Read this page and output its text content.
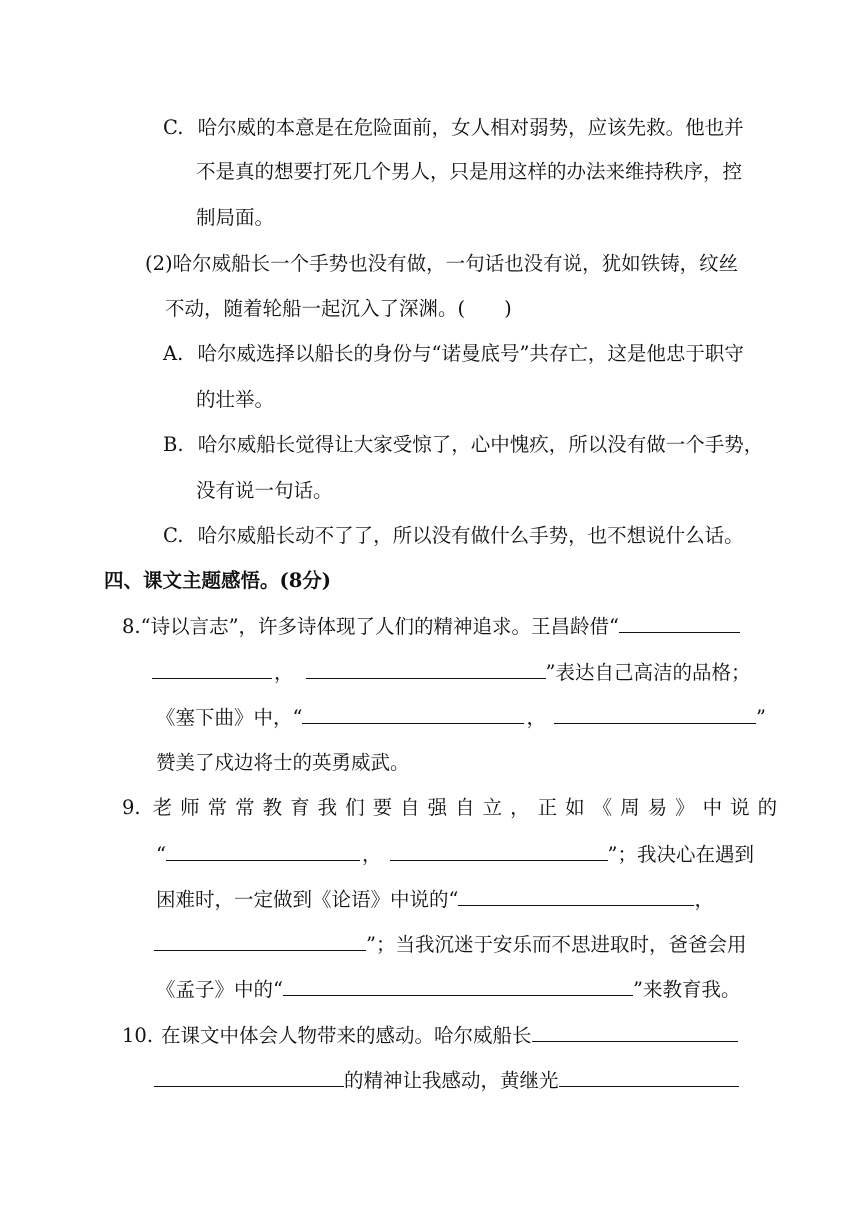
C. 哈尔威的本意是在危险面前，女人相对弱势，应该先救。他也并
不是真的想要打死几个男人，只是用这样的办法来维持秩序，控
制局面。
(2)哈尔威船长一个手势也没有做，一句话也没有说，犹如铁铸，纹丝
不动，随着轮船一起沉入了深渊。(　　)
A. 哈尔威选择以船长的身份与“诺曼底号”共存亡，这是他忠于职守
的壮举。
B. 哈尔威船长觉得让大家受惊了，心中愧疚，所以没有做一个手势，
没有说一句话。
C. 哈尔威船长动不了了，所以没有做什么手势，也不想说什么话。
四、课文主题感悟。(8分)
8.“诗以言志”，许多诗体现了人们的精神追求。王昌龄借“
，	”表达自己高洁的品格；
《塞下曲》中，“	，	”
赞美了戍边将士的英勇威武。
9. 老师常常教育我们要自强自立，正如《周易》中说的
“	，	”；我决心在遇到
困难时，一定做到《论语》中说的“	，
”；当我沉迷于安乐而不思进取时，爸爸会用
《孟子》中的“	”来教育我。
10. 在课文中体会人物带来的感动。哈尔威船长
的精神让我感动，黄继光
